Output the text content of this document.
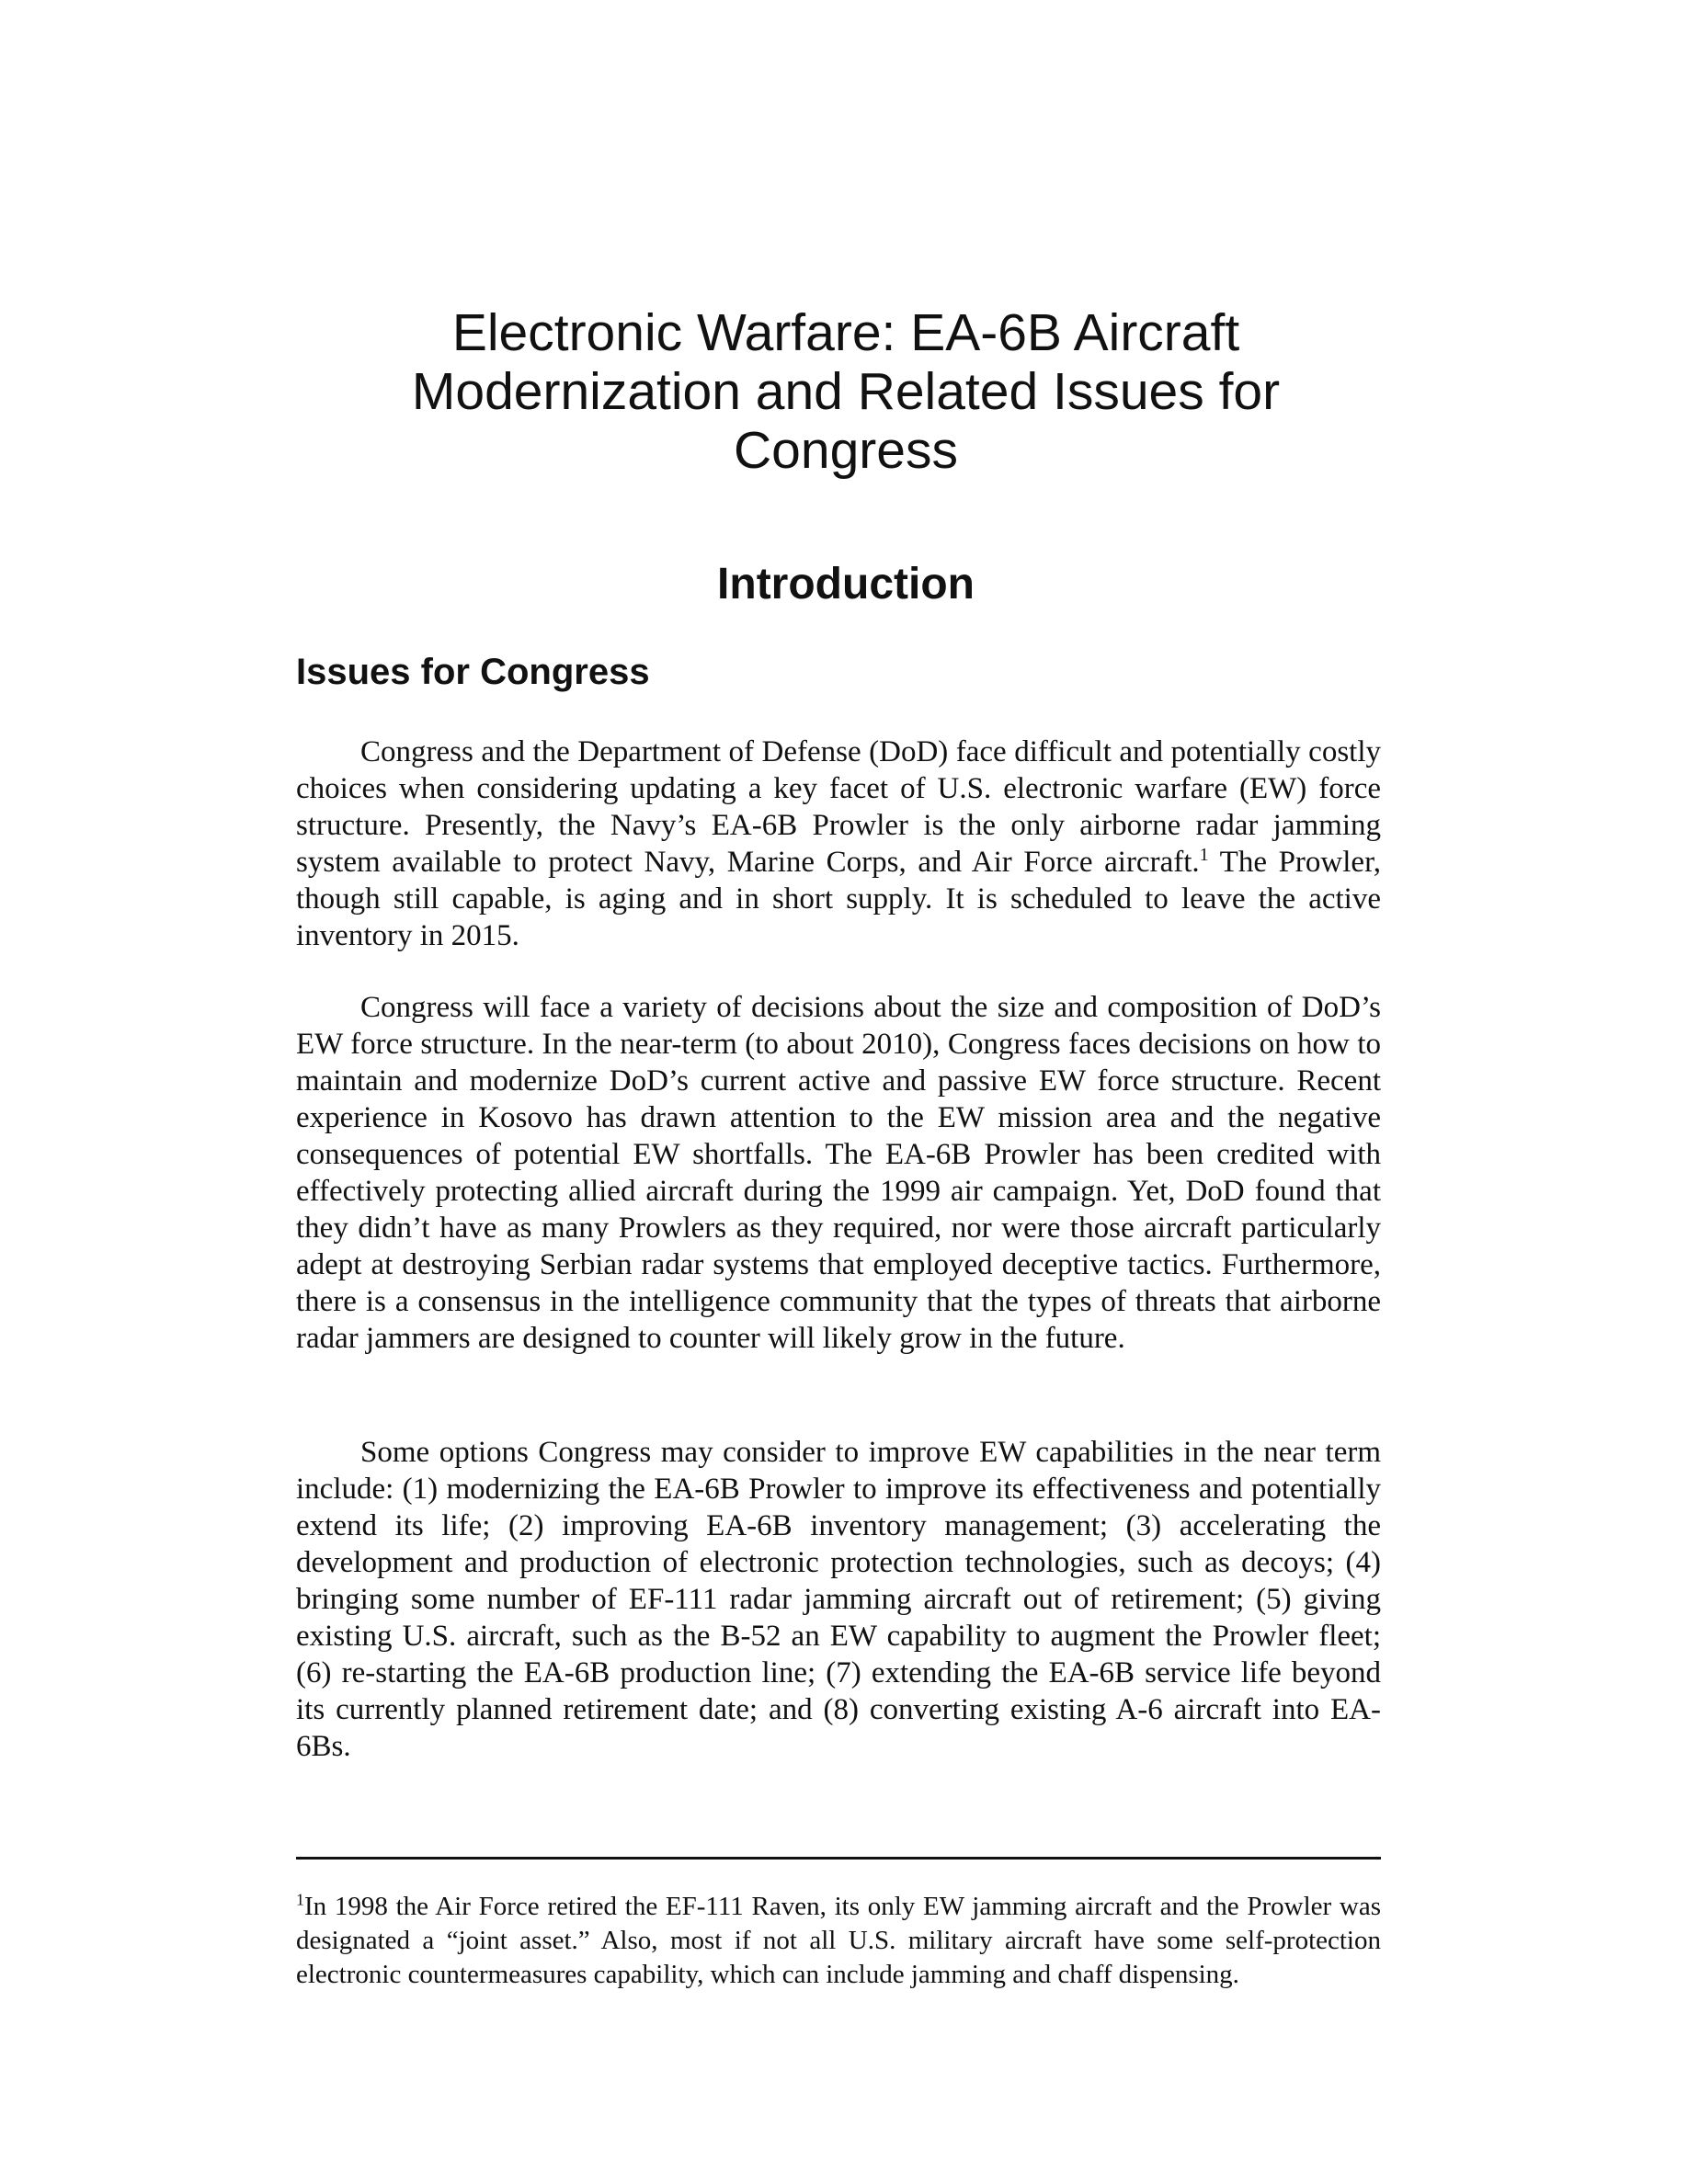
Electronic Warfare: EA-6B Aircraft
Modernization and Related Issues for
Congress
Introduction
Issues for Congress

Congress and the Department of Defense (DoD) face difficult and potentially costly choices when considering updating a key facet of U.S. electronic warfare (EW) force structure. Presently, the Navy’s EA-6B Prowler is the only airborne radar jamming system available to protect Navy, Marine Corps, and Air Force aircraft.$^1$ The Prowler, though still capable, is aging and in short supply. It is scheduled to leave the active inventory in 2015.

Congress will face a variety of decisions about the size and composition of DoD’s EW force structure. In the near-term (to about 2010), Congress faces decisions on how to maintain and modernize DoD’s current active and passive EW force structure. Recent experience in Kosovo has drawn attention to the EW mission area and the negative consequences of potential EW shortfalls. The EA-6B Prowler has been credited with effectively protecting allied aircraft during the 1999 air campaign. Yet, DoD found that they didn’t have as many Prowlers as they required, nor were those aircraft particularly adept at destroying Serbian radar systems that employed deceptive tactics. Furthermore, there is a consensus in the intelligence community that the types of threats that airborne radar jammers are designed to counter will likely grow in the future.

Some options Congress may consider to improve EW capabilities in the near term include: (1) modernizing the EA-6B Prowler to improve its effectiveness and potentially extend its life; (2) improving EA-6B inventory management; (3) accelerating the development and production of electronic protection technologies, such as decoys; (4) bringing some number of EF-111 radar jamming aircraft out of retirement; (5) giving existing U.S. aircraft, such as the B-52 an EW capability to augment the Prowler fleet; (6) re-starting the EA-6B production line; (7) extending the EA-6B service life beyond its currently planned retirement date; and (8) converting existing A-6 aircraft into EA-6Bs.

$^1$In 1998 the Air Force retired the EF-111 Raven, its only EW jamming aircraft and the Prowler was designated a “joint asset.” Also, most if not all U.S. military aircraft have some self-protection electronic countermeasures capability, which can include jamming and chaff dispensing.
